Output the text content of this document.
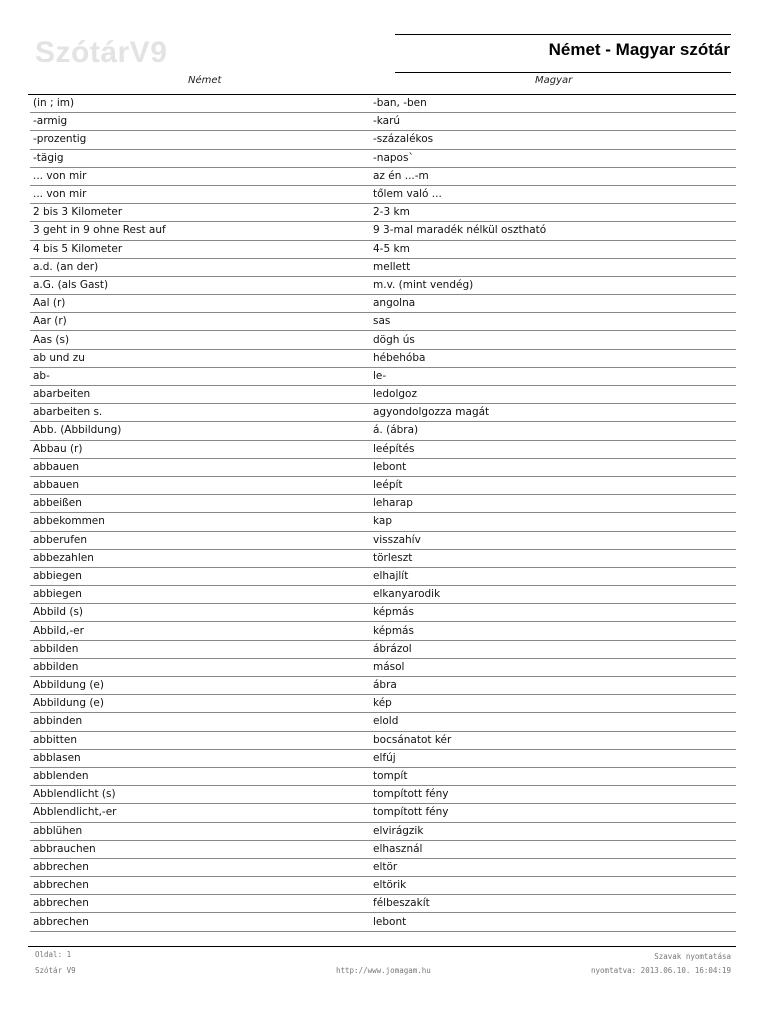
SzótárV9	Német - Magyar szótár
Német	Magyar
(in ; im)	-ban, -ben
-armig	-karú
-prozentig	-százalékos
-tägig	-napos`
... von mir	az én ...-m
... von mir	tőlem való ...
2 bis 3 Kilometer	2-3 km
3 geht in 9 ohne Rest auf	9 3-mal maradék nélkül osztható
4 bis 5 Kilometer	4-5 km
a.d. (an der)	mellett
a.G. (als Gast)	m.v. (mint vendég)
Aal (r)	angolna
Aar (r)	sas
Aas (s)	dögh ús
ab und zu	hébehóba
ab-	le-
abarbeiten	ledolgoz
abarbeiten s.	agyondolgozza magát
Abb. (Abbildung)	á. (ábra)
Abbau (r)	leépítés
abbauen	lebont
abbauen	leépít
abbeißen	leharap
abbekommen	kap
abberufen	visszahív
abbezahlen	törleszt
abbiegen	elhajlít
abbiegen	elkanyarodik
Abbild (s)	képmás
Abbild,-er	képmás
abbilden	ábrázol
abbilden	másol
Abbildung (e)	ábra
Abbildung (e)	kép
abbinden	elold
abbitten	bocsánatot kér
abblasen	elfúj
abblenden	tompít
Abblendlicht (s)	tompított fény
Abblendlicht,-er	tompított fény
abblühen	elvirágzik
abbrauchen	elhasznál
abbrechen	eltör
abbrechen	eltörik
abbrechen	félbeszakít
abbrechen	lebont
Oldal: 1
Szótár V9	http://www.jomagam.hu
Szavak nyomtatása
nyomtatva: 2013.06.10. 16:04:19
